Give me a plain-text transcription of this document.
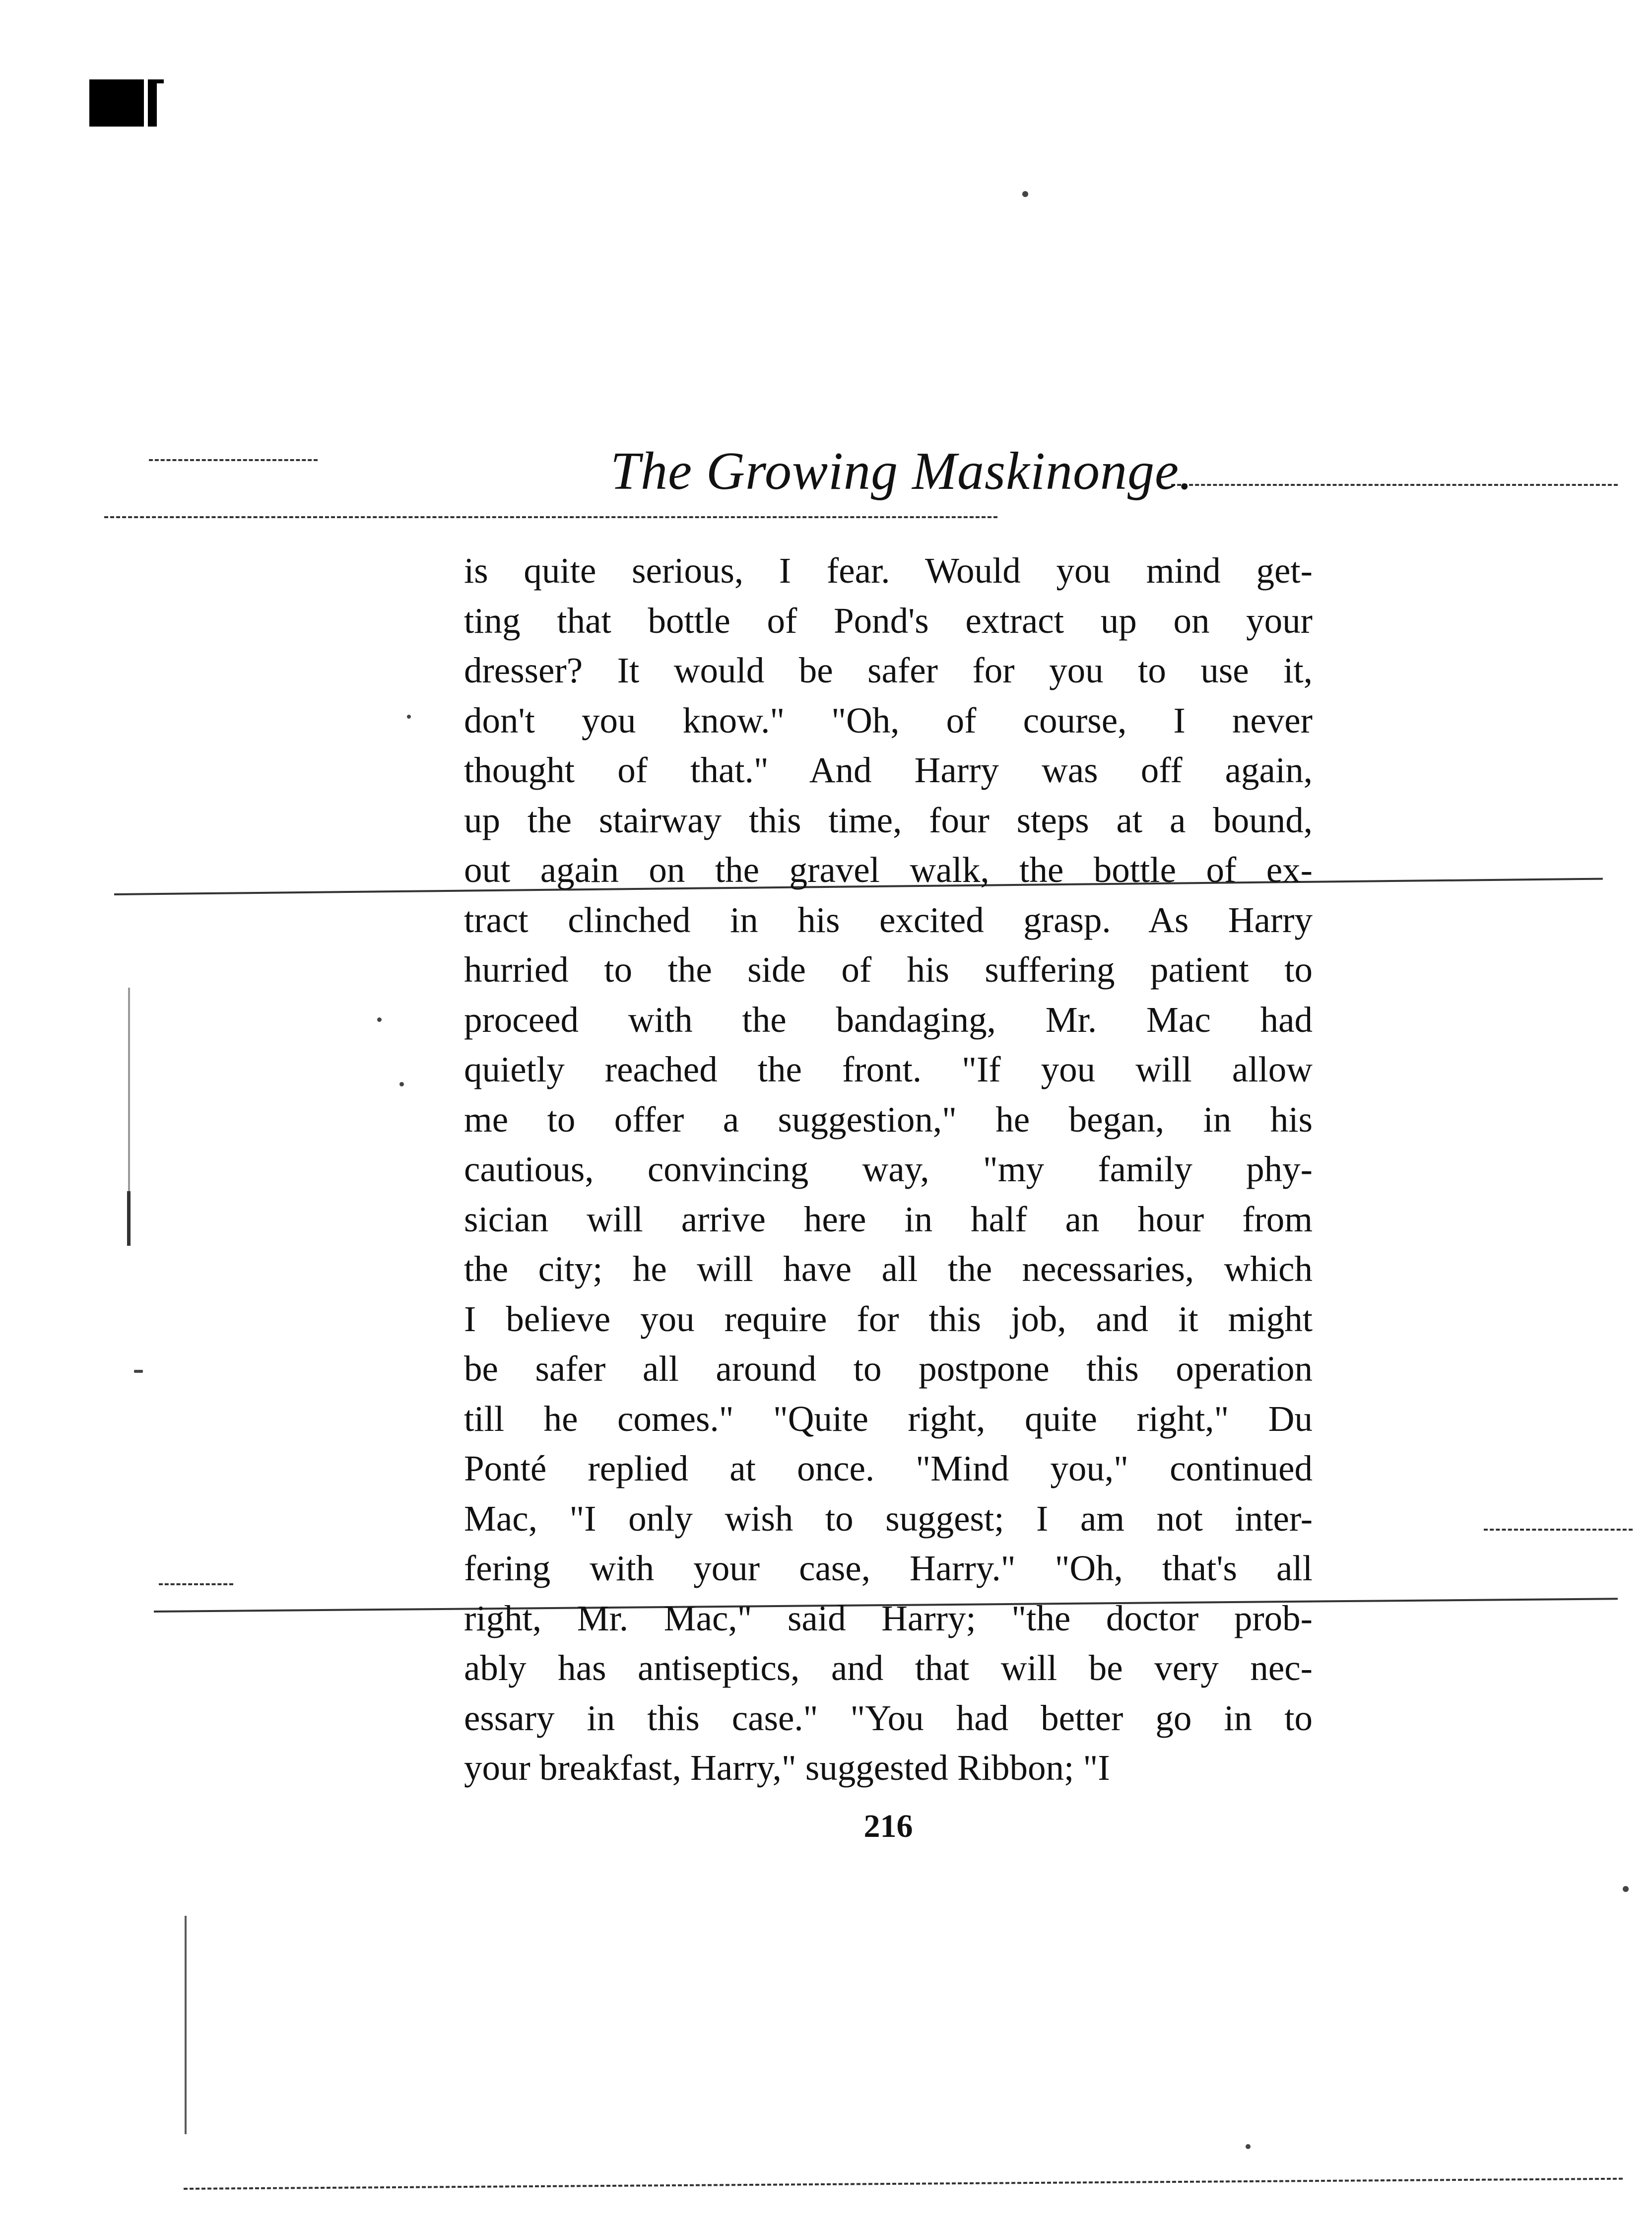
The Growing Maskinonge.
is quite serious, I fear. Would you mind get-
ting that bottle of Pond's extract up on your
dresser? It would be safer for you to use it,
don't you know." "Oh, of course, I never
thought of that." And Harry was off again,
up the stairway this time, four steps at a bound,
out again on the gravel walk, the bottle of ex-
tract clinched in his excited grasp. As Harry
hurried to the side of his suffering patient to
proceed with the bandaging, Mr. Mac had
quietly reached the front. "If you will allow
me to offer a suggestion," he began, in his
cautious, convincing way, "my family phy-
sician will arrive here in half an hour from
the city; he will have all the necessaries, which
I believe you require for this job, and it might
be safer all around to postpone this operation
till he comes." "Quite right, quite right," Du
Ponté replied at once. "Mind you," continued
Mac, "I only wish to suggest; I am not inter-
fering with your case, Harry." "Oh, that's all
right, Mr. Mac," said Harry; "the doctor prob-
ably has antiseptics, and that will be very nec-
essary in this case." "You had better go in to
your breakfast, Harry," suggested Ribbon; "I
216
